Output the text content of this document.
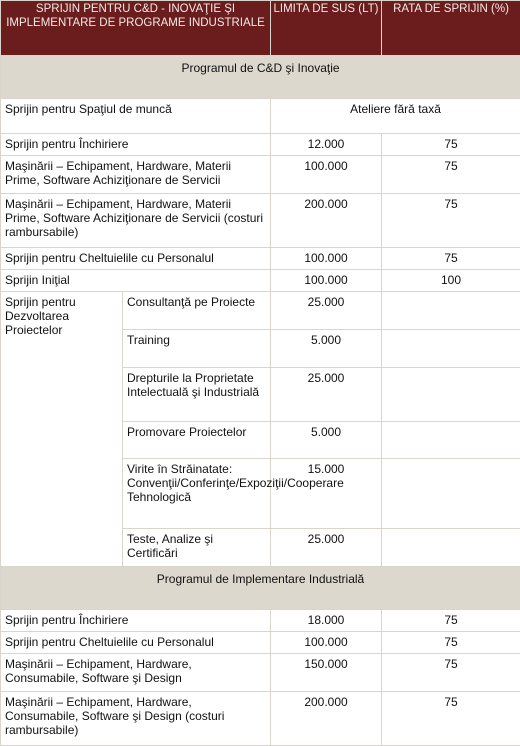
SPRIJIN PENTRU C&D - INOVAŢIE ŞI IMPLEMENTARE DE PROGRAME INDUSTRIALE		LIMITA DE SUS (LT)	RATA DE SPRIJIN (%)
Programul de C&D şi Inovaţie			
Sprijin pentru Spaţiul de muncă		Ateliere fără taxă	
Sprijin pentru Închiriere		12.000	75
Maşinării – Echipament, Hardware, Materii Prime, Software Achiziţionare de Servicii		100.000	75
Maşinării – Echipament, Hardware, Materii Prime, Software Achiziţionare de Servicii (costuri rambursabile)		200.000	75
Sprijin pentru Cheltuielile cu Personalul		100.000	75
Sprijin Iniţial		100.000	100
Sprijin pentru Dezvoltarea Proiectelor	Consultanţă pe Proiecte	25.000	
	Training	5.000	
	Drepturile la Proprietate Intelectuală şi Industrială	25.000	
	Promovare Proiectelor	5.000	
	Virite în Străinatate: Convenţii/Conferinţe/Expoziţii/Cooperare Tehnologică	15.000	
	Teste, Analize şi Certificări	25.000	
Programul de Implementare Industrială			
Sprijin pentru Închiriere		18.000	75
Sprijin pentru Cheltuielile cu Personalul		100.000	75
Maşinării – Echipament, Hardware, Consumabile, Software şi Design		150.000	75
Maşinării – Echipament, Hardware, Consumabile, Software şi Design (costuri rambursabile)		200.000	75
